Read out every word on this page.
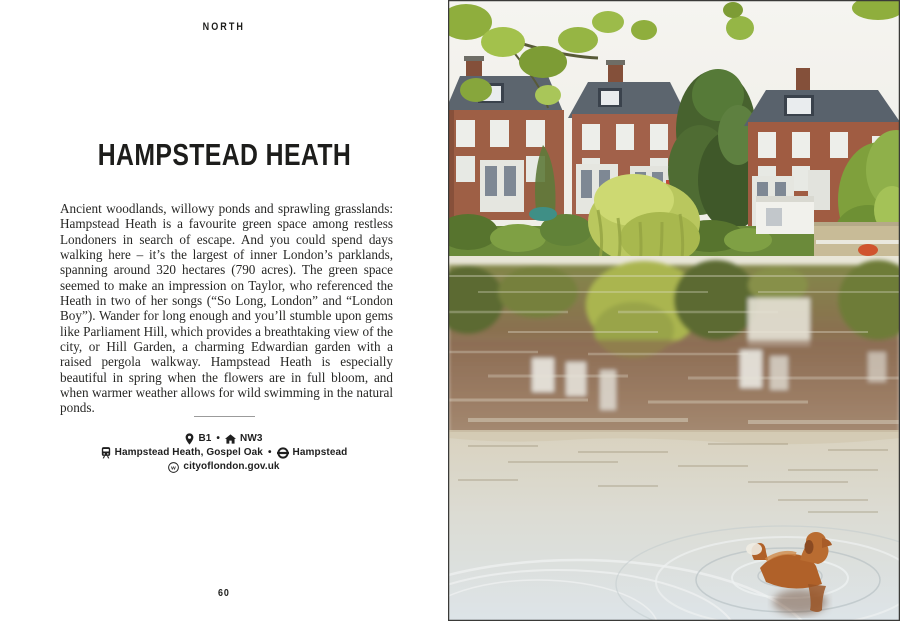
NORTH
HAMPSTEAD HEATH

Ancient woodlands, willowy ponds and sprawling grasslands: Hampstead Heath is a favourite green space among restless Londoners in search of escape. And you could spend days walking here – it’s the largest of inner London’s parklands, spanning around 320 hectares (790 acres). The green space seemed to make an impression on Taylor, who referenced the Heath in two of her songs (“So Long, London” and “London Boy”). Wander for long enough and you’ll stumble upon gems like Parliament Hill, which provides a breathtaking view of the city, or Hill Garden, a charming Edwardian garden with a raised pergola walkway. Hampstead Heath is especially beautiful in spring when the flowers are in full bloom, and when warmer weather allows for wild swimming in the natural ponds.

B1 • NW3
Hampstead Heath, Gospel Oak • Hampstead
w cityoflondon.gov.uk
60
